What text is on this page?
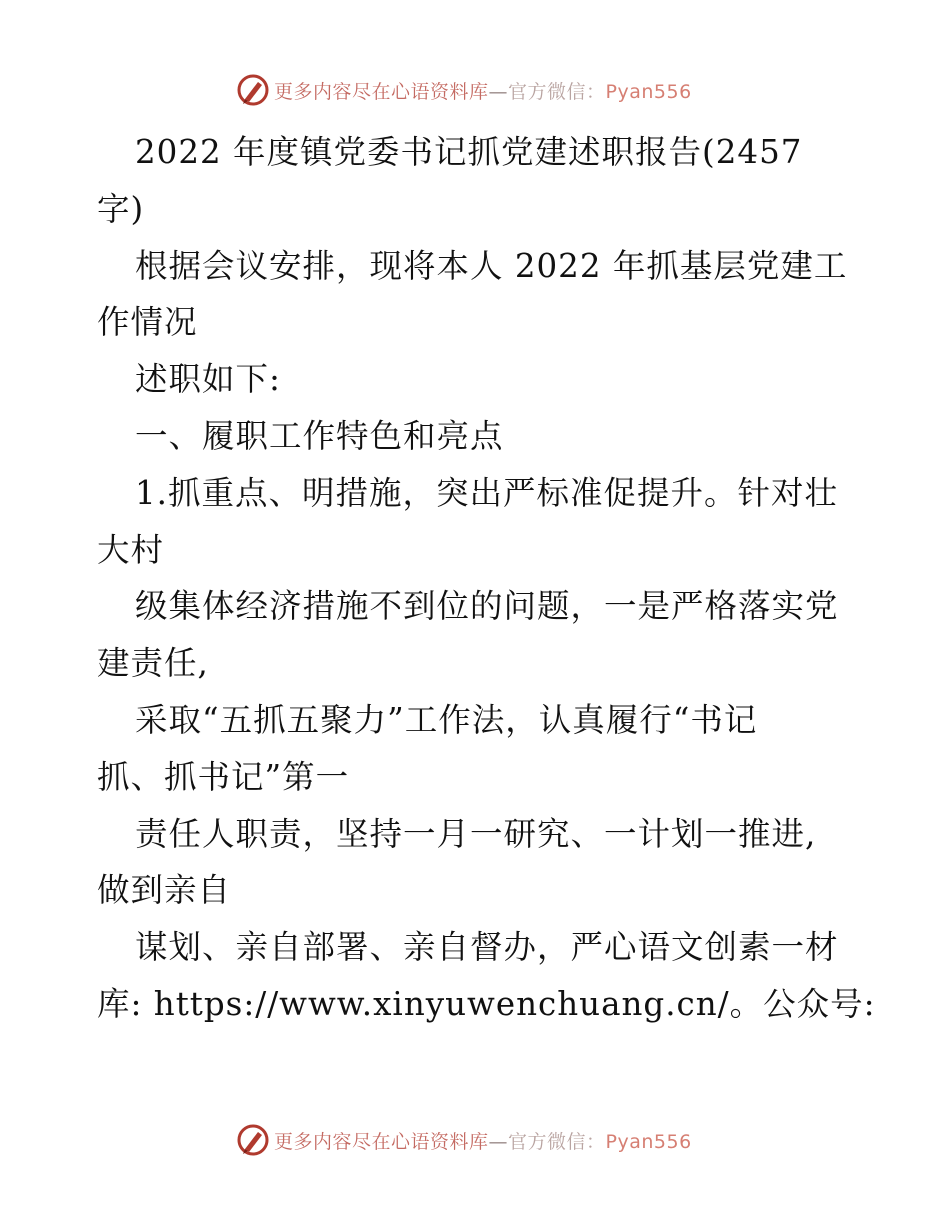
更多内容尽在心语资料库—官方微信：Pyan556
2022 年度镇党委书记抓党建述职报告(2457
字)
根据会议安排，现将本人 2022 年抓基层党建工
作情况
述职如下:
一、履职工作特色和亮点
1.抓重点、明措施，突出严标准促提升。针对壮
大村
级集体经济措施不到位的问题，一是严格落实党
建责任,
采取“五抓五聚力”工作法，认真履行“书记
抓、抓书记”第一
责任人职责，坚持一月一研究、一计划一推进,
做到亲自
谋划、亲自部署、亲自督办，严心语文创素一材
库: https://www.xinyuwenchuang.cn/。公众号:
更多内容尽在心语资料库—官方微信：Pyan556
